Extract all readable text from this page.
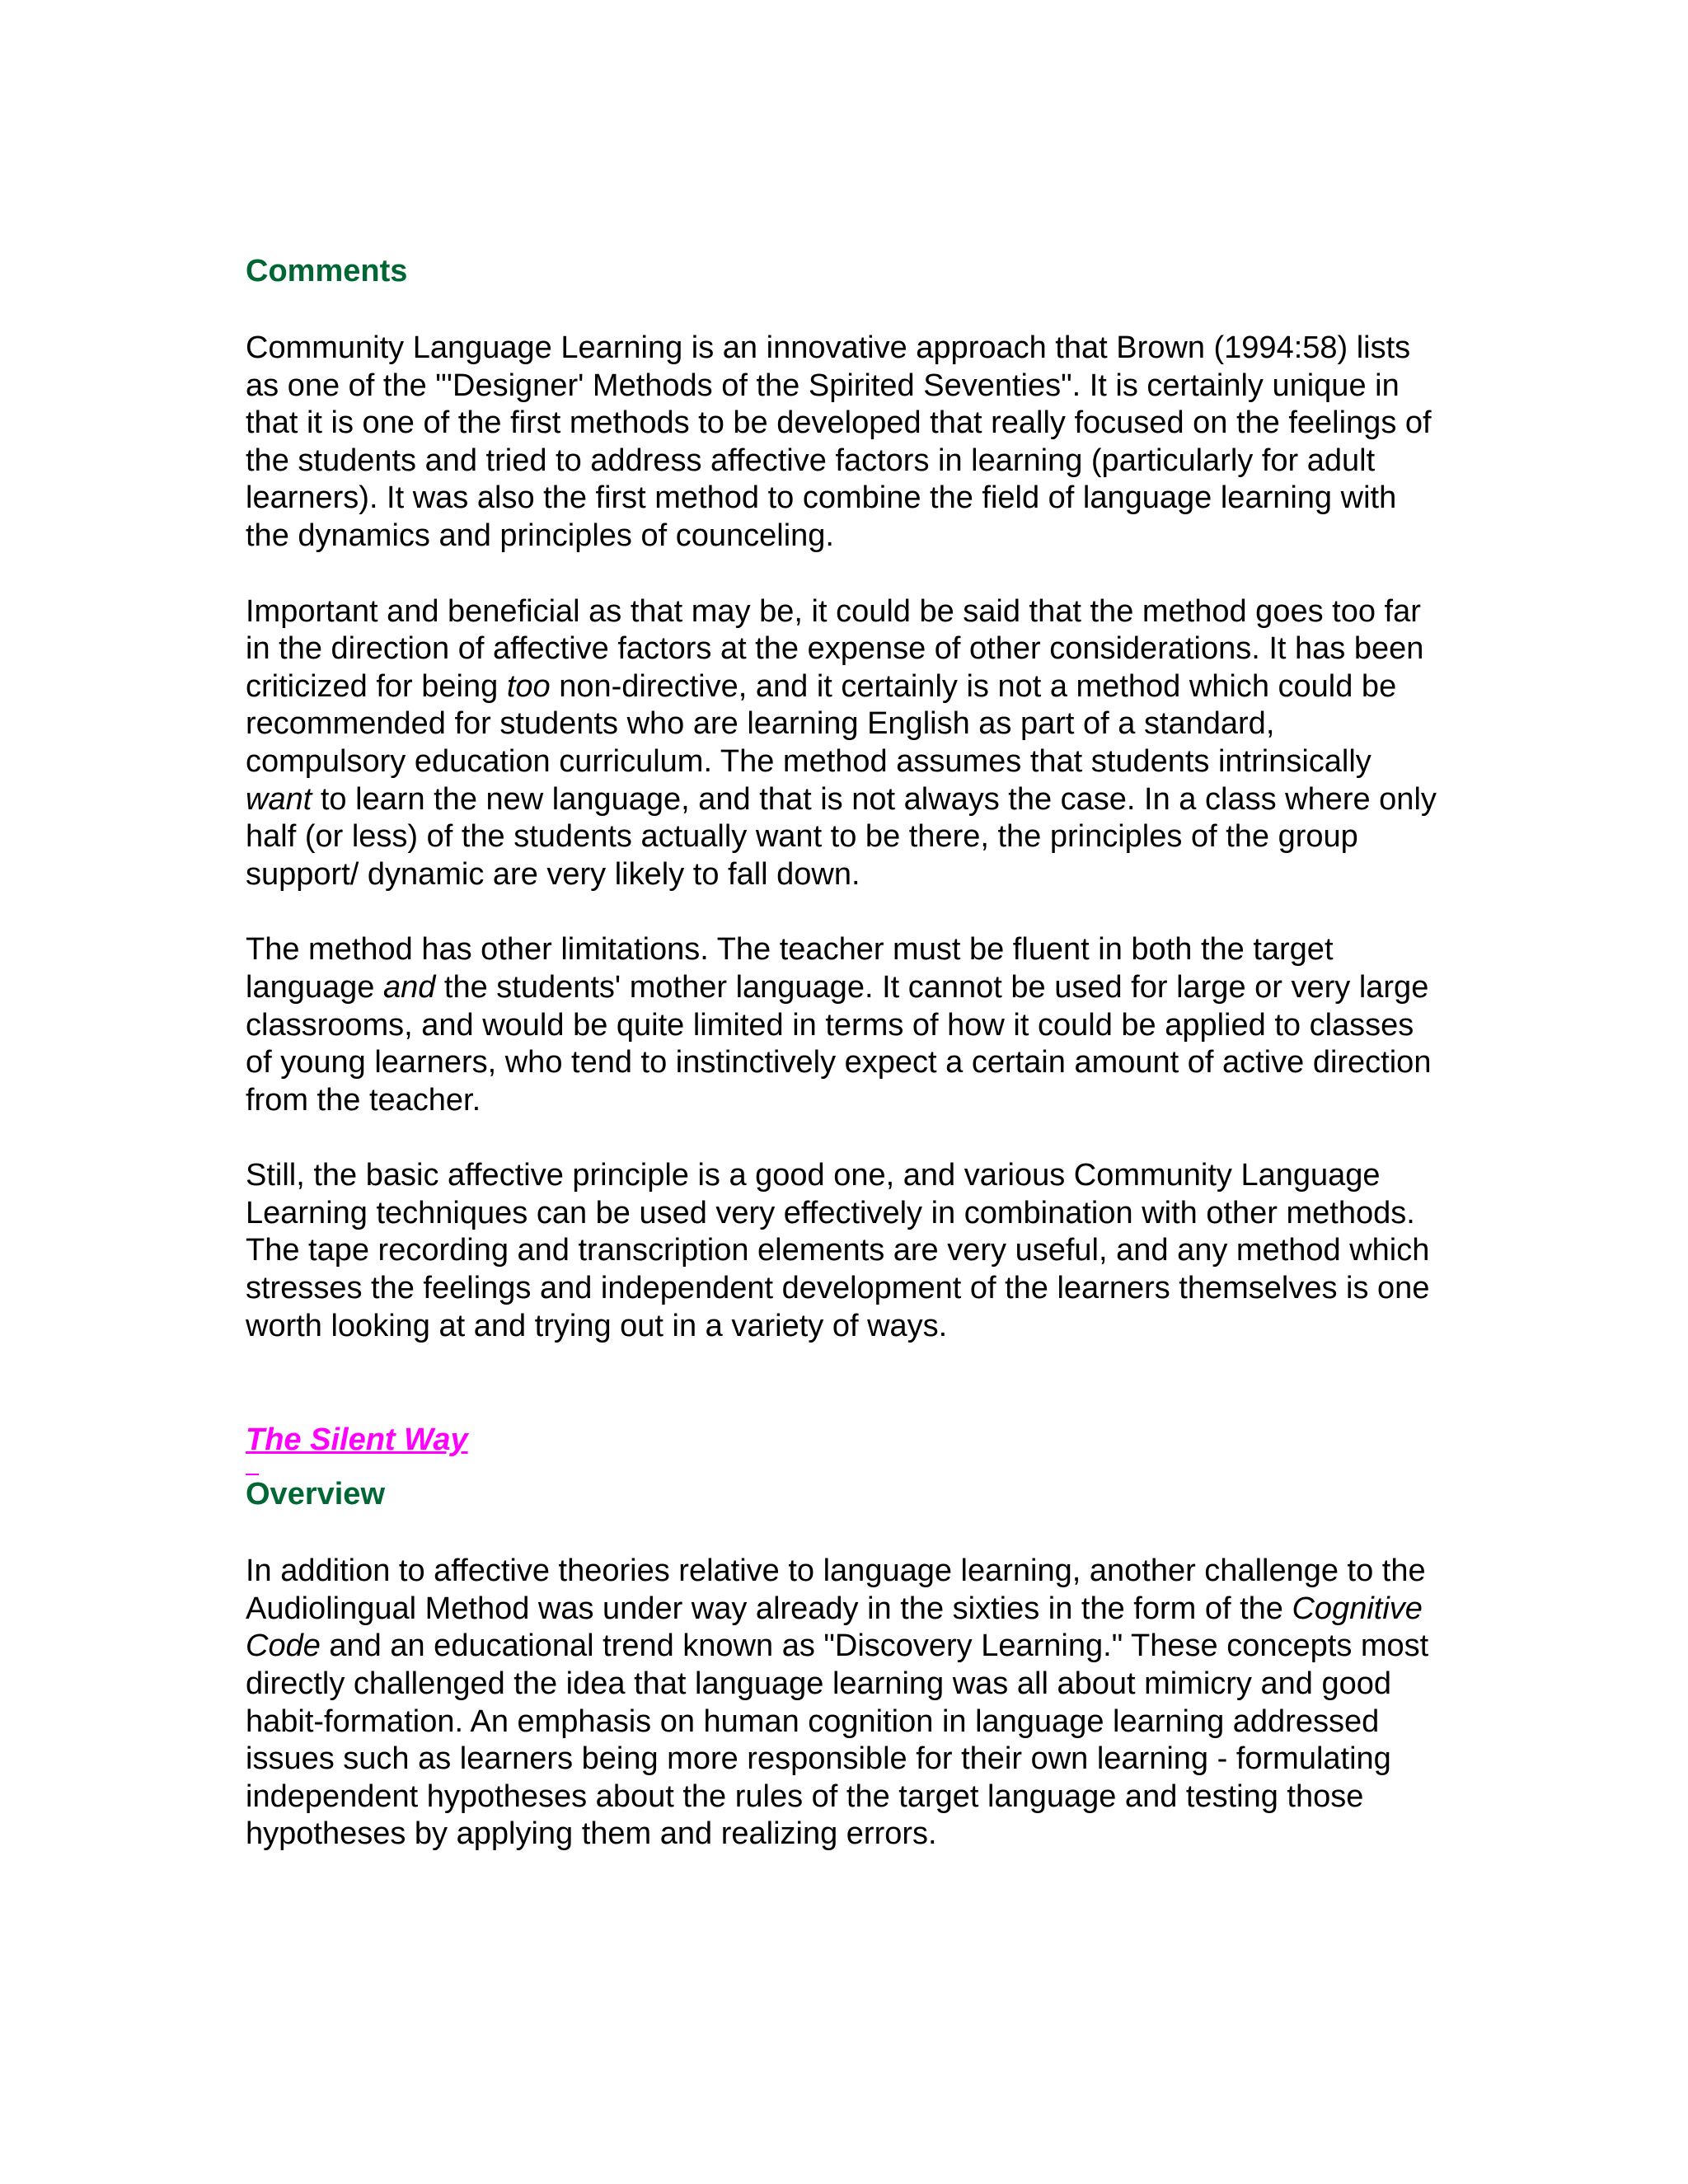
Comments

Community Language Learning is an innovative approach that Brown (1994:58) lists as one of the "'Designer' Methods of the Spirited Seventies". It is certainly unique in that it is one of the first methods to be developed that really focused on the feelings of the students and tried to address affective factors in learning (particularly for adult learners). It was also the first method to combine the field of language learning with the dynamics and principles of counceling.

Important and beneficial as that may be, it could be said that the method goes too far in the direction of affective factors at the expense of other considerations. It has been criticized for being too non-directive, and it certainly is not a method which could be recommended for students who are learning English as part of a standard, compulsory education curriculum. The method assumes that students intrinsically want to learn the new language, and that is not always the case. In a class where only half (or less) of the students actually want to be there, the principles of the group support/ dynamic are very likely to fall down.

The method has other limitations. The teacher must be fluent in both the target language and the students' mother language. It cannot be used for large or very large classrooms, and would be quite limited in terms of how it could be applied to classes of young learners, who tend to instinctively expect a certain amount of active direction from the teacher.

Still, the basic affective principle is a good one, and various Community Language Learning techniques can be used very effectively in combination with other methods. The tape recording and transcription elements are very useful, and any method which stresses the feelings and independent development of the learners themselves is one worth looking at and trying out in a variety of ways.

The Silent Way
Overview

In addition to affective theories relative to language learning, another challenge to the Audiolingual Method was under way already in the sixties in the form of the Cognitive Code and an educational trend known as "Discovery Learning." These concepts most directly challenged the idea that language learning was all about mimicry and good habit-formation. An emphasis on human cognition in language learning addressed issues such as learners being more responsible for their own learning - formulating independent hypotheses about the rules of the target language and testing those hypotheses by applying them and realizing errors.
